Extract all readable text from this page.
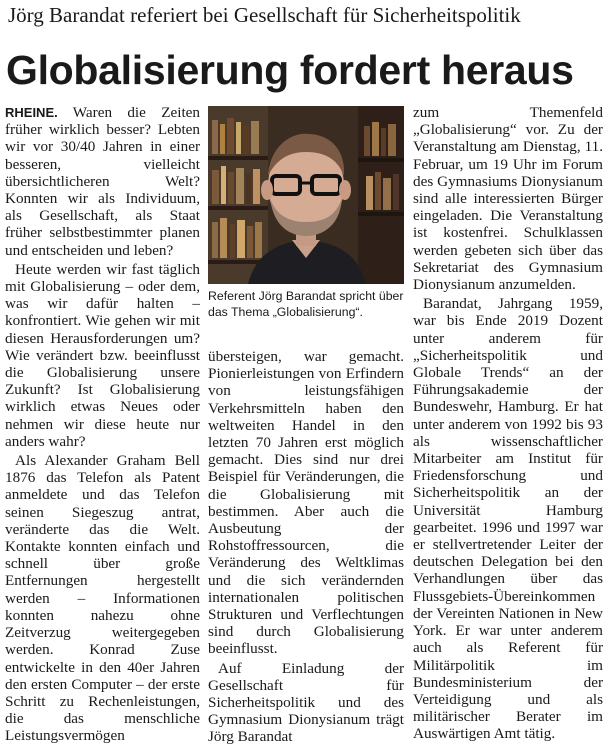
Jörg Barandat referiert bei Gesellschaft für Sicherheitspolitik
Globalisierung fordert heraus

RHEINE. Waren die Zeiten früher wirklich besser? Lebten wir vor 30/40 Jahren in einer besseren, vielleicht übersichtlicheren Welt? Konnten wir als Individuum, als Gesellschaft, als Staat früher selbstbestimmter planen und entscheiden und leben?

Heute werden wir fast täglich mit Globalisierung – oder dem, was wir dafür halten – konfrontiert. Wie gehen wir mit diesen Herausforderungen um? Wie verändert bzw. beeinflusst die Globalisierung unsere Zukunft? Ist Globalisierung wirklich etwas Neues oder nehmen wir diese heute nur anders wahr?

Als Alexander Graham Bell 1876 das Telefon als Patent anmeldete und das Telefon seinen Siegeszug antrat, veränderte das die Welt. Kontakte konnten einfach und schnell über große Entfernungen hergestellt werden – Informationen konnten nahezu ohne Zeitverzug weitergegeben werden. Konrad Zuse entwickelte in den 40er Jahren den ersten Computer – der erste Schritt zu Rechenleistungen, die das menschliche Leistungsvermögen

Referent Jörg Barandat spricht über das Thema „Globalisierung“.

übersteigen, war gemacht. Pionierleistungen von Erfindern von leistungsfähigen Verkehrsmitteln haben den weltweiten Handel in den letzten 70 Jahren erst möglich gemacht. Dies sind nur drei Beispiel für Veränderungen, die die Globalisierung mit bestimmen. Aber auch die Ausbeutung der Rohstoffressourcen, die Veränderung des Weltklimas und die sich verändernden internationalen politischen Strukturen und Verflechtungen sind durch Globalisierung beeinflusst.

Auf Einladung der Gesellschaft für Sicherheitspolitik und des Gymnasium Dionysianum trägt Jörg Barandat

zum Themenfeld „Globalisierung“ vor. Zu der Veranstaltung am Dienstag, 11. Februar, um 19 Uhr im Forum des Gymnasiums Dionysianum sind alle interessierten Bürger eingeladen. Die Veranstaltung ist kostenfrei. Schulklassen werden gebeten sich über das Sekretariat des Gymnasium Dionysianum anzumelden.

Barandat, Jahrgang 1959, war bis Ende 2019 Dozent unter anderem für „Sicherheitspolitik und Globale Trends“ an der Führungsakademie der Bundeswehr, Hamburg. Er hat unter anderem von 1992 bis 93 als wissenschaftlicher Mitarbeiter am Institut für Friedensforschung und Sicherheitspolitik an der Universität Hamburg gearbeitet. 1996 und 1997 war er stellvertretender Leiter der deutschen Delegation bei den Verhandlungen über das Flussgebiets-Übereinkommen der Vereinten Nationen in New York. Er war unter anderem auch als Referent für Militärpolitik im Bundesministerium der Verteidigung und als militärischer Berater im Auswärtigen Amt tätig.
